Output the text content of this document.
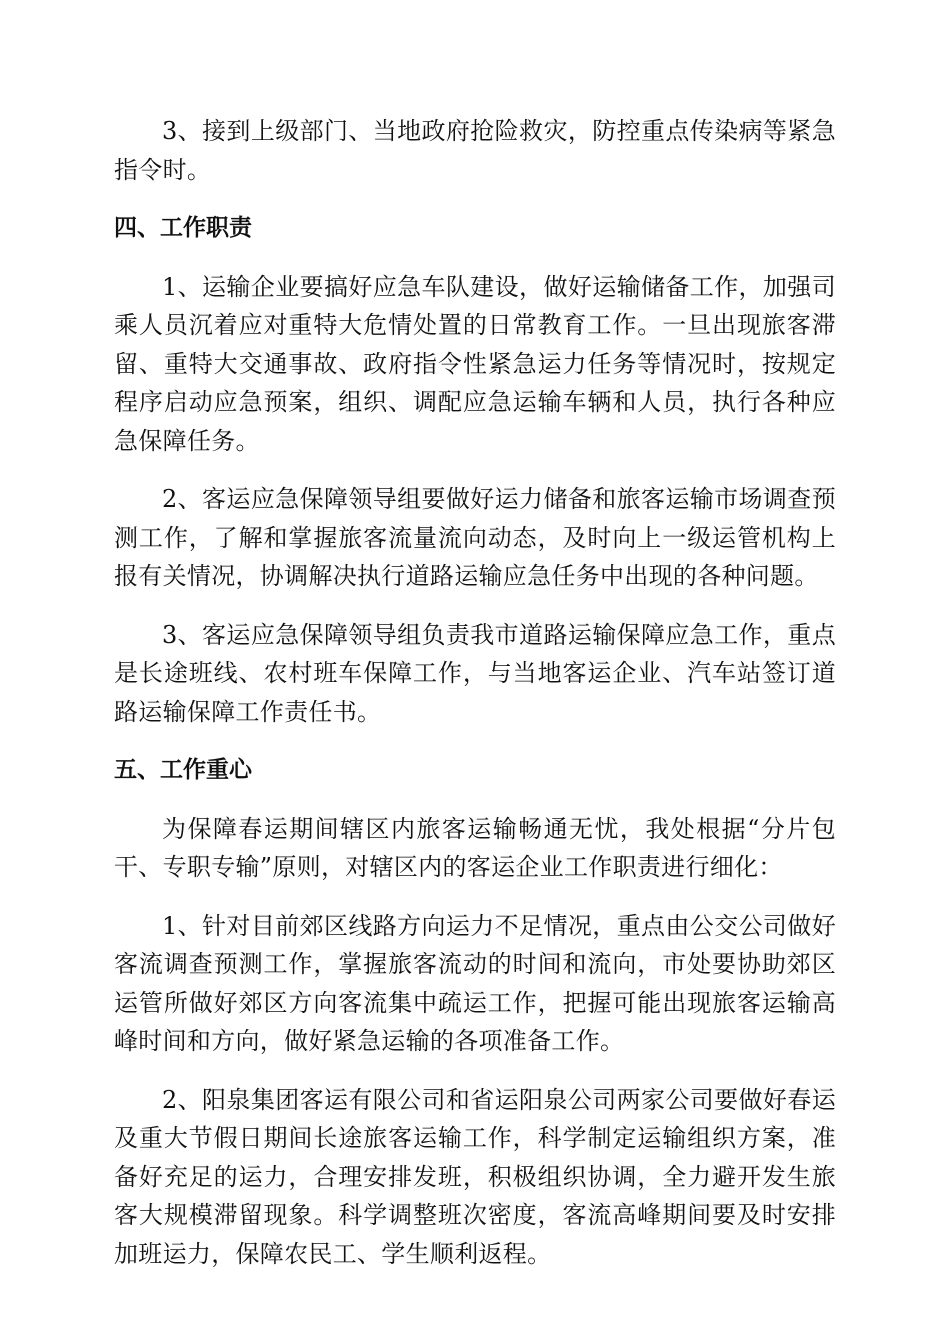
3、接到上级部门、当地政府抢险救灾，防控重点传染病等紧急指令时。

四、工作职责

1、运输企业要搞好应急车队建设，做好运输储备工作，加强司乘人员沉着应对重特大危情处置的日常教育工作。一旦出现旅客滞留、重特大交通事故、政府指令性紧急运力任务等情况时，按规定程序启动应急预案，组织、调配应急运输车辆和人员，执行各种应急保障任务。

2、客运应急保障领导组要做好运力储备和旅客运输市场调查预测工作，了解和掌握旅客流量流向动态，及时向上一级运管机构上报有关情况，协调解决执行道路运输应急任务中出现的各种问题。

3、客运应急保障领导组负责我市道路运输保障应急工作，重点是长途班线、农村班车保障工作，与当地客运企业、汽车站签订道路运输保障工作责任书。

五、工作重心

为保障春运期间辖区内旅客运输畅通无忧，我处根据“分片包干、专职专输”原则，对辖区内的客运企业工作职责进行细化：

1、针对目前郊区线路方向运力不足情况，重点由公交公司做好客流调查预测工作，掌握旅客流动的时间和流向，市处要协助郊区运管所做好郊区方向客流集中疏运工作，把握可能出现旅客运输高峰时间和方向，做好紧急运输的各项准备工作。

2、阳泉集团客运有限公司和省运阳泉公司两家公司要做好春运及重大节假日期间长途旅客运输工作，科学制定运输组织方案，准备好充足的运力，合理安排发班，积极组织协调，全力避开发生旅客大规模滞留现象。科学调整班次密度，客流高峰期间要及时安排加班运力，保障农民工、学生顺利返程。
